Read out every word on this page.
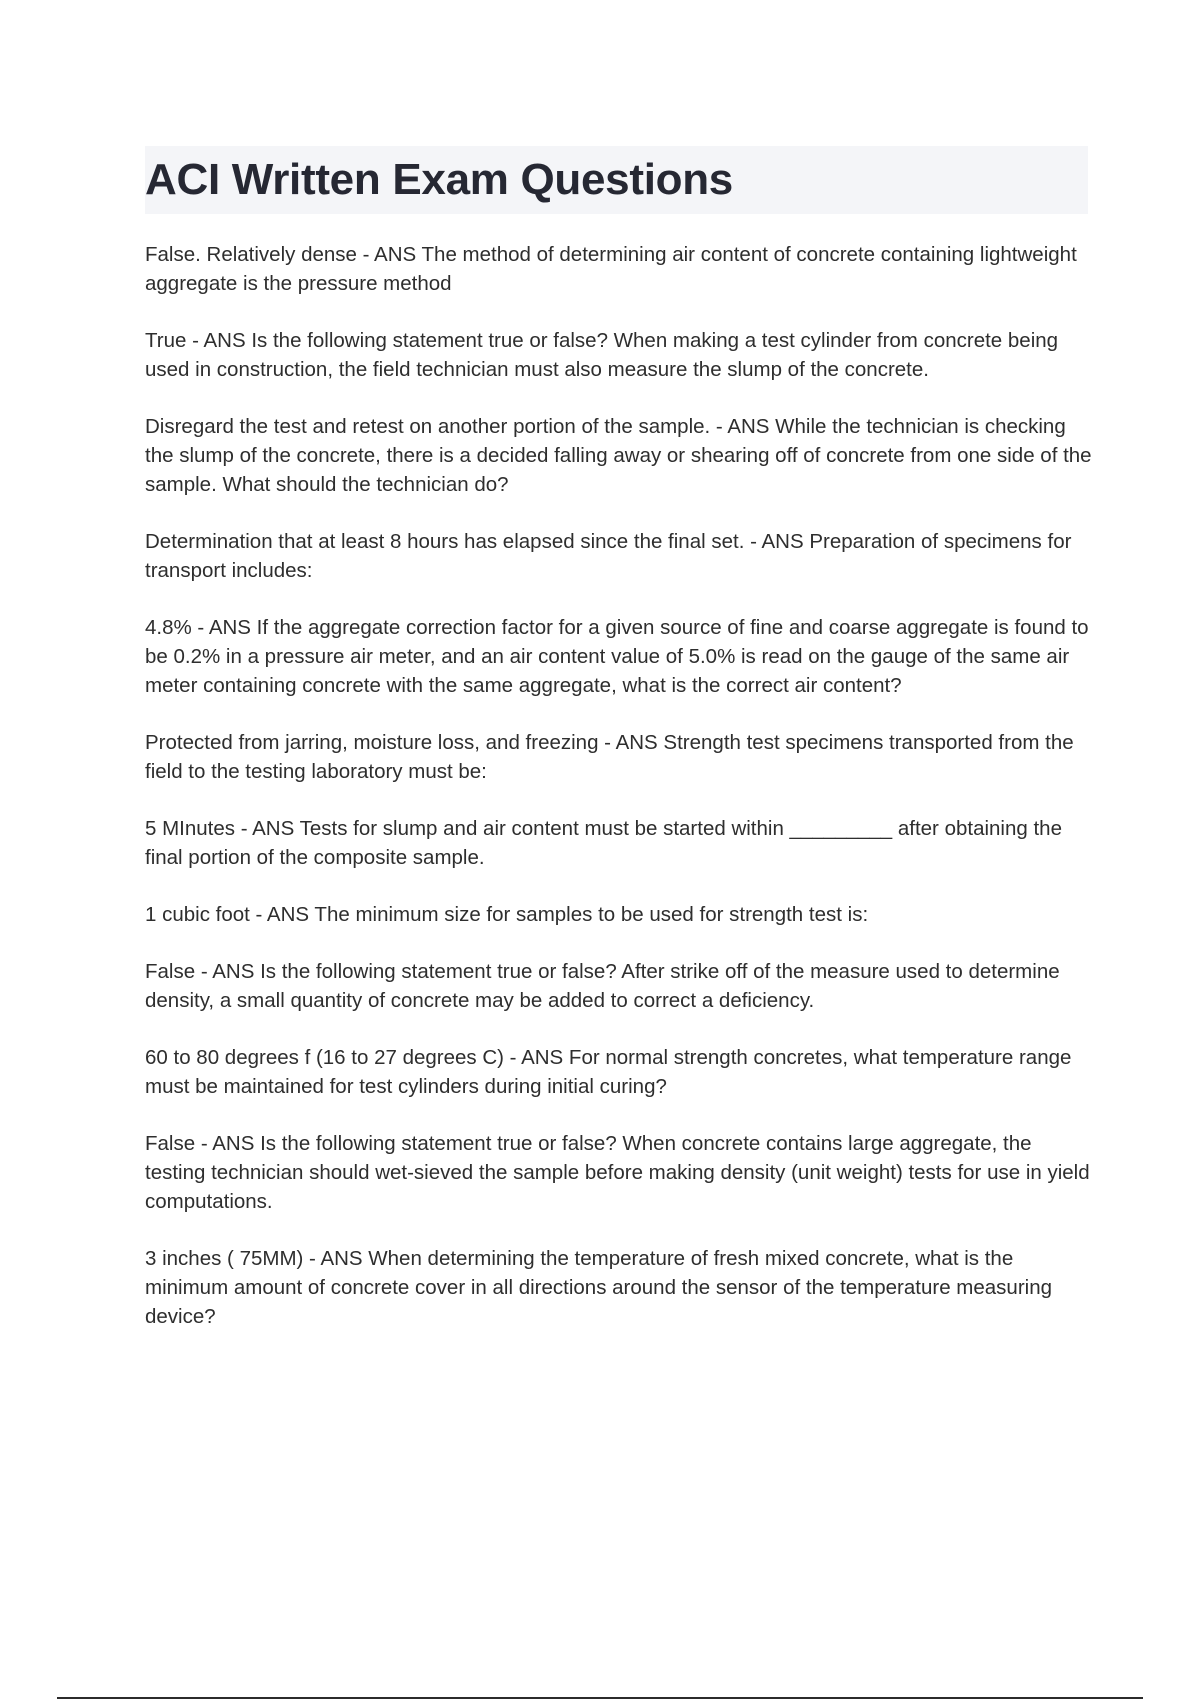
ACI Written Exam Questions
False. Relatively dense - ANS The method of determining air content of concrete containing lightweight aggregate is the pressure method
True - ANS Is the following statement true or false? When making a test cylinder from concrete being used in construction, the field technician must also measure the slump of the concrete.
Disregard the test and retest on another portion of the sample. - ANS While the technician is checking the slump of the concrete, there is a decided falling away or shearing off of concrete from one side of the sample. What should the technician do?
Determination that at least 8 hours has elapsed since the final set. - ANS Preparation of specimens for transport includes:
4.8% - ANS If the aggregate correction factor for a given source of fine and coarse aggregate is found to be 0.2% in a pressure air meter, and an air content value of 5.0% is read on the gauge of the same air meter containing concrete with the same aggregate, what is the correct air content?
Protected from jarring, moisture loss, and freezing - ANS Strength test specimens transported from the field to the testing laboratory must be:
5 MInutes - ANS Tests for slump and air content must be started within _________ after obtaining the final portion of the composite sample.
1 cubic foot - ANS The minimum size for samples to be used for strength test is:
False - ANS Is the following statement true or false? After strike off of the measure used to determine density, a small quantity of concrete may be added to correct a deficiency.
60 to 80 degrees f (16 to 27 degrees C) - ANS For normal strength concretes, what temperature range must be maintained for test cylinders during initial curing?
False - ANS Is the following statement true or false? When concrete contains large aggregate, the testing technician should wet-sieved the sample before making density (unit weight) tests for use in yield computations.
3 inches ( 75MM) - ANS When determining the temperature of fresh mixed concrete, what is the minimum amount of concrete cover in all directions around the sensor of the temperature measuring device?
